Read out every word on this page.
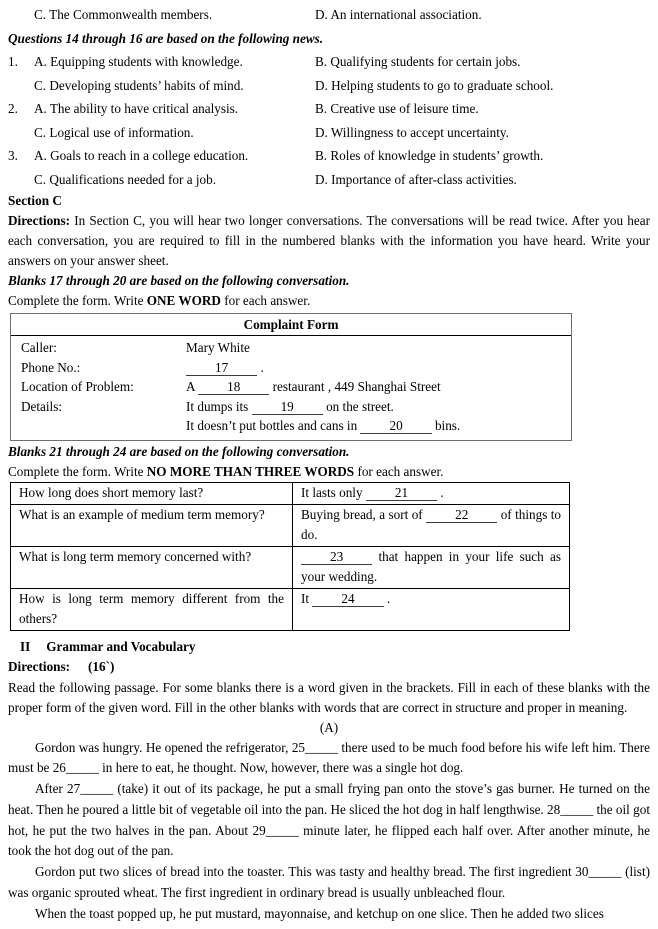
C. The Commonwealth members.	D. An international association.
Questions 14 through 16 are based on the following news.
1.	A. Equipping students with knowledge.	B. Qualifying students for certain jobs.
C. Developing students’ habits of mind.	D. Helping students to go to graduate school.
2.	A. The ability to have critical analysis.	B. Creative use of leisure time.
C. Logical use of information.	D. Willingness to accept uncertainty.
3.	A. Goals to reach in a college education.	B. Roles of knowledge in students’ growth.
C. Qualifications needed for a job.	D. Importance of after-class activities.
Section C

Directions: In Section C, you will hear two longer conversations. The conversations will be read twice. After you hear each conversation, you are required to fill in the numbered blanks with the information you have heard. Write your answers on your answer sheet.

Blanks 17 through 20 are based on the following conversation.
Complete the form. Write ONE WORD for each answer.
Complaint Form
Caller:	Mary White
Phone No.:	17 .
Location of Problem:	A 18 restaurant , 449 Shanghai Street
Details:	It dumps its 19 on the street.
It doesn’t put bottles and cans in 20 bins.
Blanks 21 through 24 are based on the following conversation.
Complete the form. Write NO MORE THAN THREE WORDS for each answer.
How long does short memory last?	It lasts only 21 .
What is an example of medium term memory?	Buying bread, a sort of 22 of things to do.
What is long term memory concerned with?	23 that happen in your life such as your wedding.
How is long term memory different from the others?	It 24 .
II Grammar and Vocabulary
Directions: (16`)

Read the following passage. For some blanks there is a word given in the brackets. Fill in each of these blanks with the proper form of the given word. Fill in the other blanks with words that are correct in structure and proper in meaning.

(A)

Gordon was hungry. He opened the refrigerator, 25_____ there used to be much food before his wife left him. There must be 26_____ in here to eat, he thought. Now, however, there was a single hot dog.

After 27_____ (take) it out of its package, he put a small frying pan onto the stove’s gas burner. He turned on the heat. Then he poured a little bit of vegetable oil into the pan. He sliced the hot dog in half lengthwise. 28_____ the oil got hot, he put the two halves in the pan. About 29_____ minute later, he flipped each half over. After another minute, he took the hot dog out of the pan.

Gordon put two slices of bread into the toaster. This was tasty and healthy bread. The first ingredient 30_____ (list) was organic sprouted wheat. The first ingredient in ordinary bread is usually unbleached flour.

When the toast popped up, he put mustard, mayonnaise, and ketchup on one slice. Then he added two slices
